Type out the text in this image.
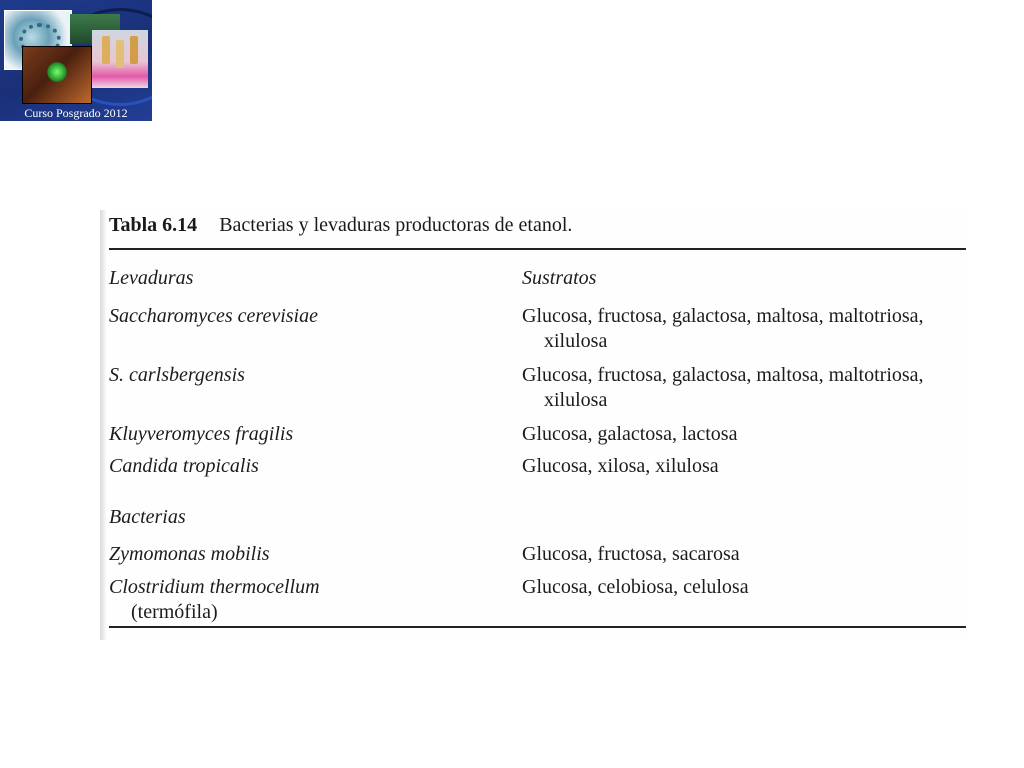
Curso Posgrado 2012
Tabla 6.14 Bacterias y levaduras productoras de etanol.
Levaduras	Sustratos
Saccharomyces cerevisiae	Glucosa, fructosa, galactosa, maltosa, maltotriosa,
xilulosa
S. carlsbergensis	Glucosa, fructosa, galactosa, maltosa, maltotriosa,
xilulosa
Kluyveromyces fragilis	Glucosa, galactosa, lactosa
Candida tropicalis	Glucosa, xilosa, xilulosa
Bacterias
Zymomonas mobilis	Glucosa, fructosa, sacarosa
Clostridium thermocellum	Glucosa, celobiosa, celulosa
(termófila)
